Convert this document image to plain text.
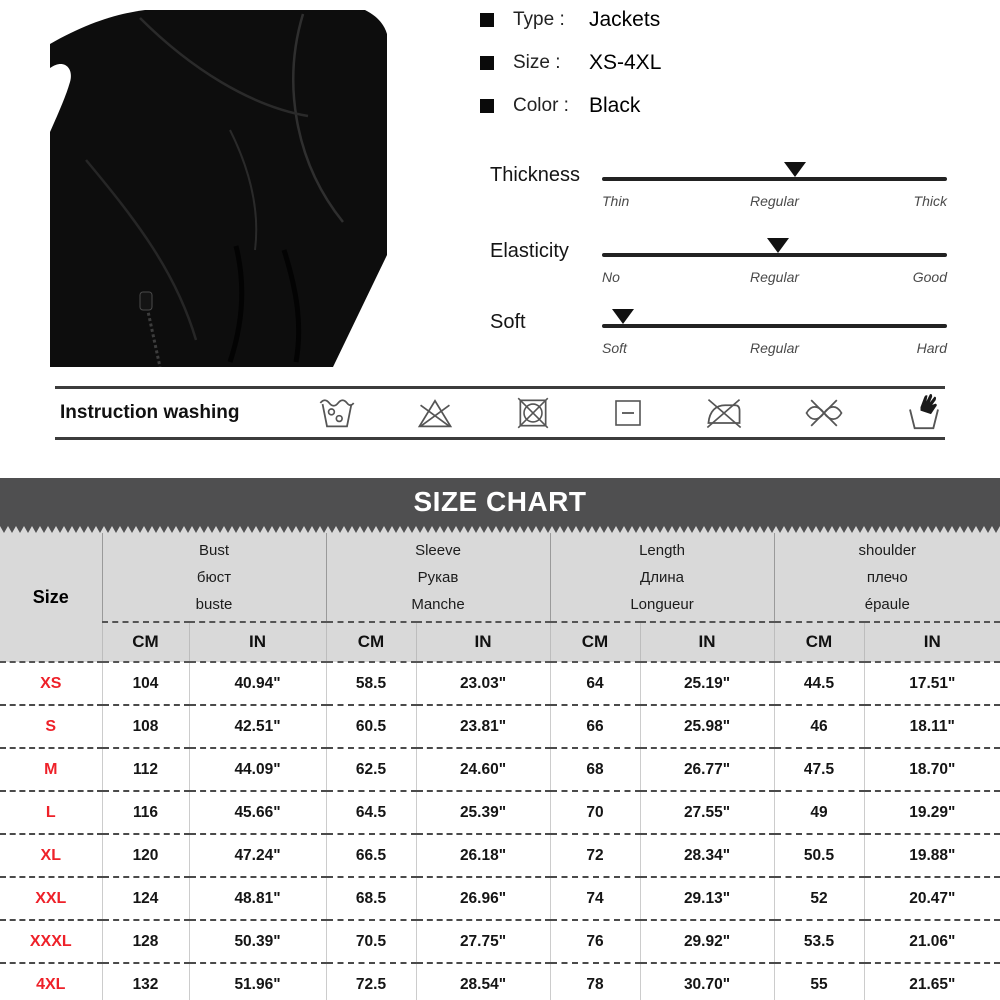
Type :	Jackets
Size :	XS-4XL
Color : Black
Thickness
Thin	Regular	Thick
Elasticity
No	Regular	Good
Soft
Soft	Regular	Hard
Instruction washing
SIZE CHART
Size	
Bust
бюст
buste

Sleeve
Рукав
Manche

Length
Длина
Longueur

shoulder
плечо
épaule

	CM	IN	CM	IN	CM	IN	CM	IN
XS	104	40.94"	58.5	23.03"	64	25.19"	44.5	17.51"
S	108	42.51"	60.5	23.81"	66	25.98"	46	18.11"
M	112	44.09"	62.5	24.60"	68	26.77"	47.5	18.70"
L	116	45.66"	64.5	25.39"	70	27.55"	49	19.29"
XL	120	47.24"	66.5	26.18"	72	28.34"	50.5	19.88"
XXL	124	48.81"	68.5	26.96"	74	29.13"	52	20.47"
XXXL	128	50.39"	70.5	27.75"	76	29.92"	53.5	21.06"
4XL	132	51.96"	72.5	28.54"	78	30.70"	55	21.65"
